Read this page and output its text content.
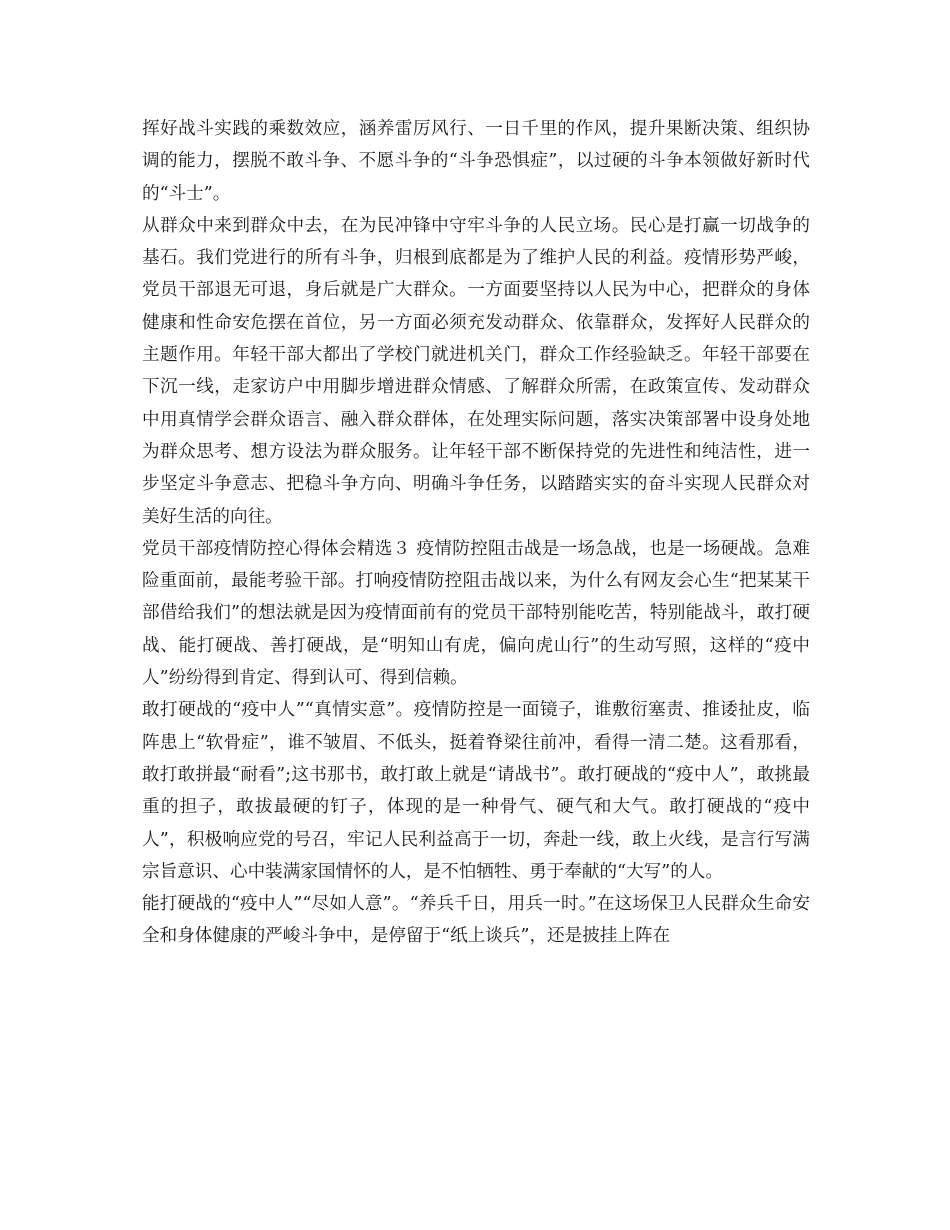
挥好战斗实践的乘数效应，涵养雷厉风行、一日千里的作风，提升果断决策、组织协调的能力，摆脱不敢斗争、不愿斗争的“斗争恐惧症”，以过硬的斗争本领做好新时代的“斗士”。

从群众中来到群众中去，在为民冲锋中守牢斗争的人民立场。民心是打赢一切战争的基石。我们党进行的所有斗争，归根到底都是为了维护人民的利益。疫情形势严峻，党员干部退无可退，身后就是广大群众。一方面要坚持以人民为中心，把群众的身体健康和性命安危摆在首位，另一方面必须充发动群众、依靠群众，发挥好人民群众的主题作用。年轻干部大都出了学校门就进机关门，群众工作经验缺乏。年轻干部要在下沉一线，走家访户中用脚步增进群众情感、了解群众所需，在政策宣传、发动群众中用真情学会群众语言、融入群众群体，在处理实际问题，落实决策部署中设身处地为群众思考、想方设法为群众服务。让年轻干部不断保持党的先进性和纯洁性，进一步坚定斗争意志、把稳斗争方向、明确斗争任务，以踏踏实实的奋斗实现人民群众对美好生活的向往。

党员干部疫情防控心得体会精选３ 疫情防控阻击战是一场急战，也是一场硬战。急难险重面前，最能考验干部。打响疫情防控阻击战以来，为什么有网友会心生“把某某干部借给我们”的想法就是因为疫情面前有的党员干部特别能吃苦，特别能战斗，敢打硬战、能打硬战、善打硬战，是“明知山有虎，偏向虎山行”的生动写照，这样的“疫中人”纷纷得到肯定、得到认可、得到信赖。

敢打硬战的“疫中人”“真情实意”。疫情防控是一面镜子，谁敷衍塞责、推诿扯皮，临阵患上“软骨症”，谁不皱眉、不低头，挺着脊梁往前冲，看得一清二楚。这看那看，敢打敢拼最“耐看”;这书那书，敢打敢上就是“请战书”。敢打硬战的“疫中人”，敢挑最重的担子，敢拔最硬的钉子，体现的是一种骨气、硬气和大气。敢打硬战的“疫中人”，积极响应党的号召，牢记人民利益高于一切，奔赴一线，敢上火线，是言行写满宗旨意识、心中装满家国情怀的人，是不怕牺牲、勇于奉献的“大写”的人。

能打硬战的“疫中人”“尽如人意”。“养兵千日，用兵一时。”在这场保卫人民群众生命安全和身体健康的严峻斗争中，是停留于“纸上谈兵”，还是披挂上阵在
